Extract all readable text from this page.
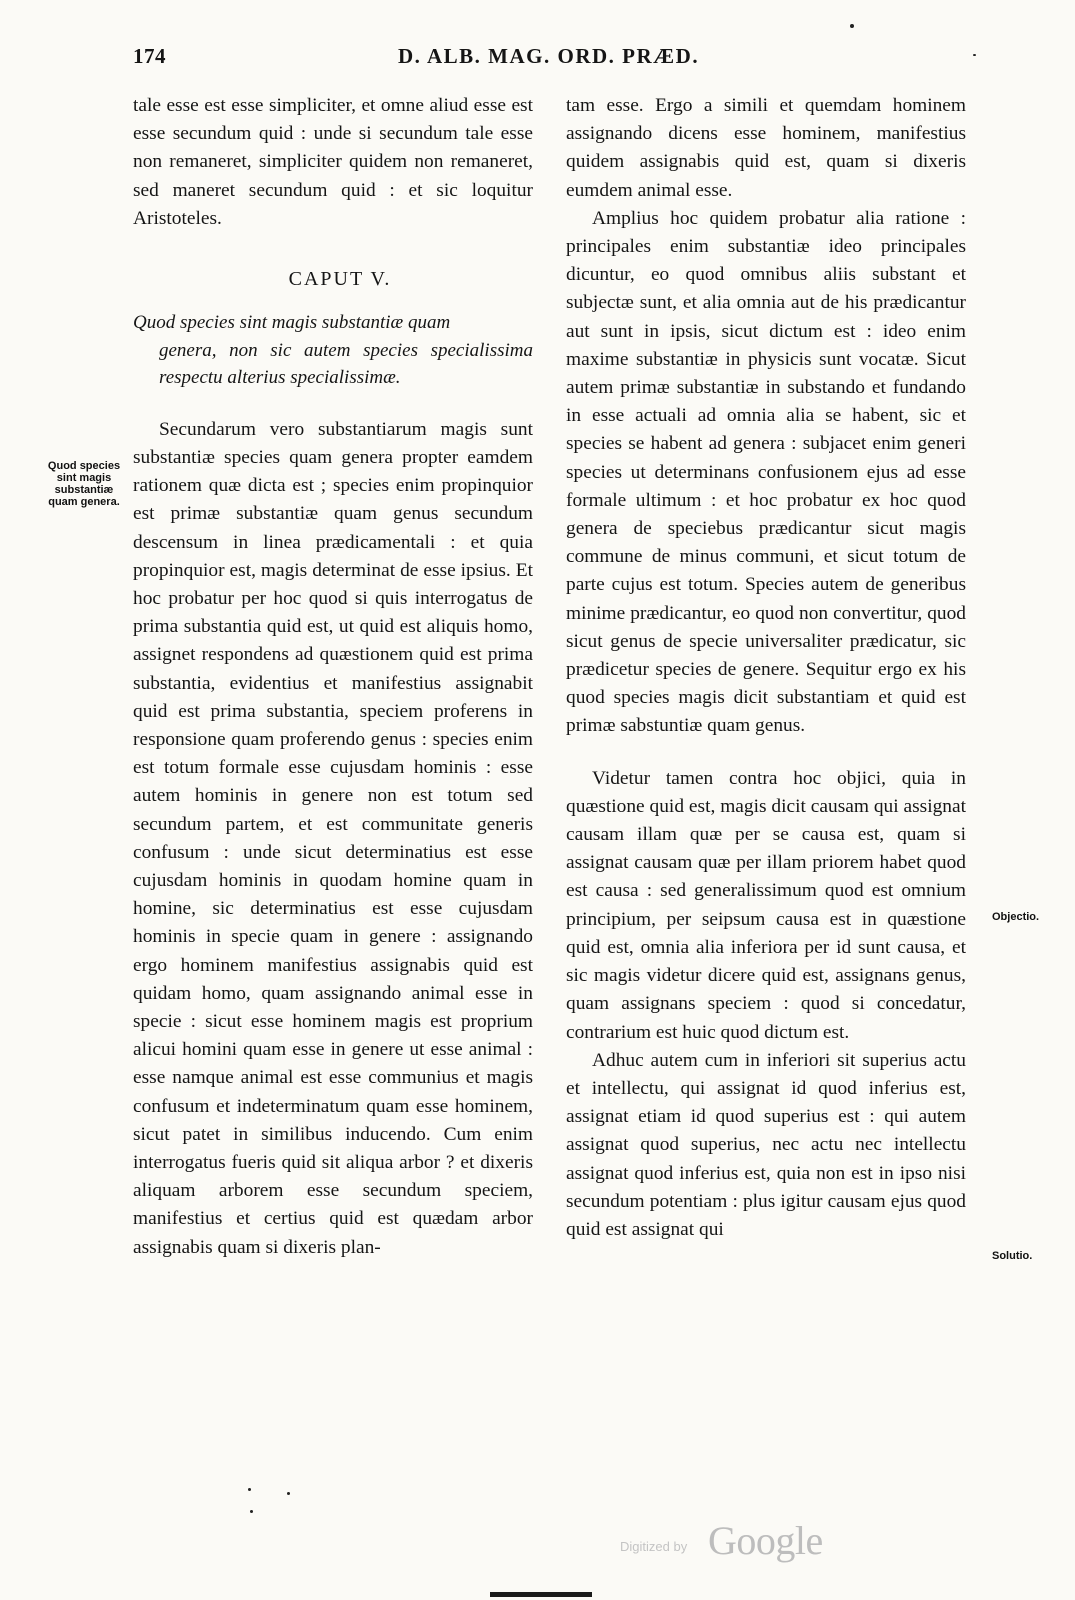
174	D. ALB. MAG. ORD. PRÆD.

tale esse est esse simpliciter, et omne aliud esse est esse secundum quid : unde si secundum tale esse non remaneret, simpliciter quidem non remaneret, sed maneret secundum quid : et sic loquitur Aristoteles.

CAPUT V.
Quod species sint magis substantiæ quam
genera, non sic autem species specialissima respectu alterius specialissimæ.

Secundarum vero substantiarum magis sunt substantiæ species quam genera propter eamdem rationem quæ dicta est ; species enim propinquior est primæ substantiæ quam genus secundum descensum in linea prædicamentali : et quia propinquior est, magis determinat de esse ipsius. Et hoc probatur per hoc quod si quis interrogatus de prima substantia quid est, ut quid est aliquis homo, assignet respondens ad quæstionem quid est prima substantia, evidentius et manifestius assignabit quid est prima substantia, speciem proferens in responsione quam proferendo genus : species enim est totum formale esse cujusdam hominis : esse autem hominis in genere non est totum sed secundum partem, et est communitate generis confusum : unde sicut determinatius est esse cujusdam hominis in quodam homine quam in homine, sic determinatius est esse cujusdam hominis in specie quam in genere : assignando ergo hominem manifestius assignabis quid est quidam homo, quam assignando animal esse in specie : sicut esse hominem magis est proprium alicui homini quam esse in genere ut esse animal : esse namque animal est esse communius et magis confusum et indeterminatum quam esse hominem, sicut patet in similibus inducendo. Cum enim interrogatus fueris quid sit aliqua arbor ? et dixeris aliquam arborem esse secundum speciem, manifestius et certius quid est quædam arbor assignabis quam si dixeris plan-

tam esse. Ergo a simili et quemdam hominem assignando dicens esse hominem, manifestius quidem assignabis quid est, quam si dixeris eumdem animal esse.

Amplius hoc quidem probatur alia ratione : principales enim substantiæ ideo principales dicuntur, eo quod omnibus aliis substant et subjectæ sunt, et alia omnia aut de his prædicantur aut sunt in ipsis, sicut dictum est : ideo enim maxime substantiæ in physicis sunt vocatæ. Sicut autem primæ substantiæ in substando et fundando in esse actuali ad omnia alia se habent, sic et species se habent ad genera : subjacet enim generi species ut determinans confusionem ejus ad esse formale ultimum : et hoc probatur ex hoc quod genera de speciebus prædicantur sicut magis commune de minus communi, et sicut totum de parte cujus est totum. Species autem de generibus minime prædicantur, eo quod non convertitur, quod sicut genus de specie universaliter prædicatur, sic prædicetur species de genere. Sequitur ergo ex his quod species magis dicit substantiam et quid est primæ sabstuntiæ quam genus.

Videtur tamen contra hoc objici, quia in quæstione quid est, magis dicit causam qui assignat causam illam quæ per se causa est, quam si assignat causam quæ per illam priorem habet quod est causa : sed generalissimum quod est omnium principium, per seipsum causa est in quæstione quid est, omnia alia inferiora per id sunt causa, et sic magis videtur dicere quid est, assignans genus, quam assignans speciem : quod si concedatur, contrarium est huic quod dictum est.

Adhuc autem cum in inferiori sit superius actu et intellectu, qui assignat id quod inferius est, assignat etiam id quod superius est : qui autem assignat quod superius, nec actu nec intellectu assignat quod inferius est, quia non est in ipso nisi secundum potentiam : plus igitur causam ejus quod quid est assignat qui

Quod species sint magis substantiæ quam genera.
Objectio.
Solutio.
Digitized by Google
